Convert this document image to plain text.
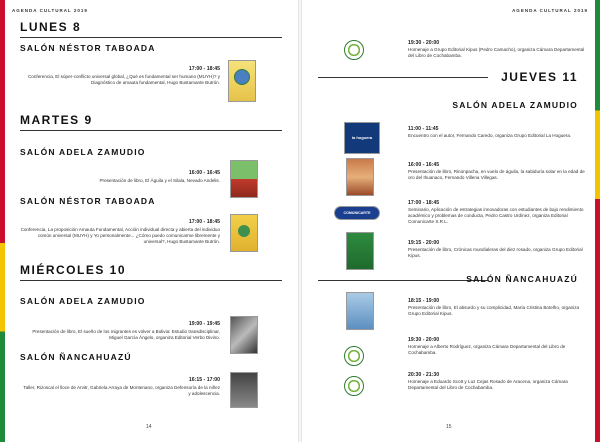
AGENDA CULTURAL 2019
LUNES 8
SALÓN NÉSTOR TABOADA
17:00 - 18:45
Conferencia, El súper-conflicto universal global, ¿Qué es fundamental ser humano (MUYH)? y Diagnóstico de amauta fundamental, Hugo Bustamante Butrón.
MARTES 9
SALÓN ADELA ZAMUDIO
16:00 - 16:45
Presentación de libro, El Águila y el Silala, Nevado Andelis.
SALÓN NÉSTOR TABOADA
17:00 - 18:45
Conferencia, La proposición Amauta Fundamental, Acción individual directa y abierta del individuo común universal (MUYH) y Yo personalmente... ¿Cómo puedo comunicarme libremente y universal?, Hugo Bustamante Butrón.
MIÉRCOLES 10
SALÓN ADELA ZAMUDIO
19:00 - 19:45
Presentación de libro, El sueño de los migrantes es volver a Bolivia: Estudio transdisciplinar, Miguel García Ángelo, organiza Editorial Verbo Divino.
SALÓN ÑANCAHUAZÚ
16:15 - 17:00
Taller, Rizoscal el lloce de Arvitr, Gabriela Arraya de Montenano, organiza Defensoría de la niñez y adolescencia.
14
AGENDA CULTURAL 2019
19:30 - 20:00
Homenaje a Grupo Editorial Kipus (Pedro Camacho), organiza Cámara Departamental del Libro de Cochabamba.
JUEVES 11
SALÓN ADELA ZAMUDIO
la hoguera
11:00 - 11:45
Encuentro con el autor, Fernando Caredo, organiza Grupo Editorial La Hoguera.
16:00 - 16:45
Presentación de libro, Rinonpacha, en vuelo de águila, la sabiduría solar en la edad de oro del Ihuanaco, Fernando Villena Villegas.
COMUNICARTE
17:00 - 18:45
Seminario, Aplicación de estrategias innovadoras con estudiantes de bajo rendimiento académico y problemas de conducta, Pedro Castro Urdinez, organiza Editorial Comunicarte S.R.L.
19:15 - 20:00
Presentación de libro, Crónicas mundialeras del diez rosado, organiza Grupo Editorial Kipus.
SALÓN ÑANCAHUAZÚ
18:15 - 19:00
Presentación de libro, El absurdo y su complicidad, María Cristina Botelho, organiza Grupo Editorial Kipus.
19:30 - 20:00
Homenaje a Alberto Rodríguez, organiza Cámara Departamental del Libro de Cochabamba.
20:30 - 21:30
Homenaje a Eduardo Scott y Luz Cejas Rosado de Aracena, organiza Cámara Departamental del Libro de Cochabamba.
15
